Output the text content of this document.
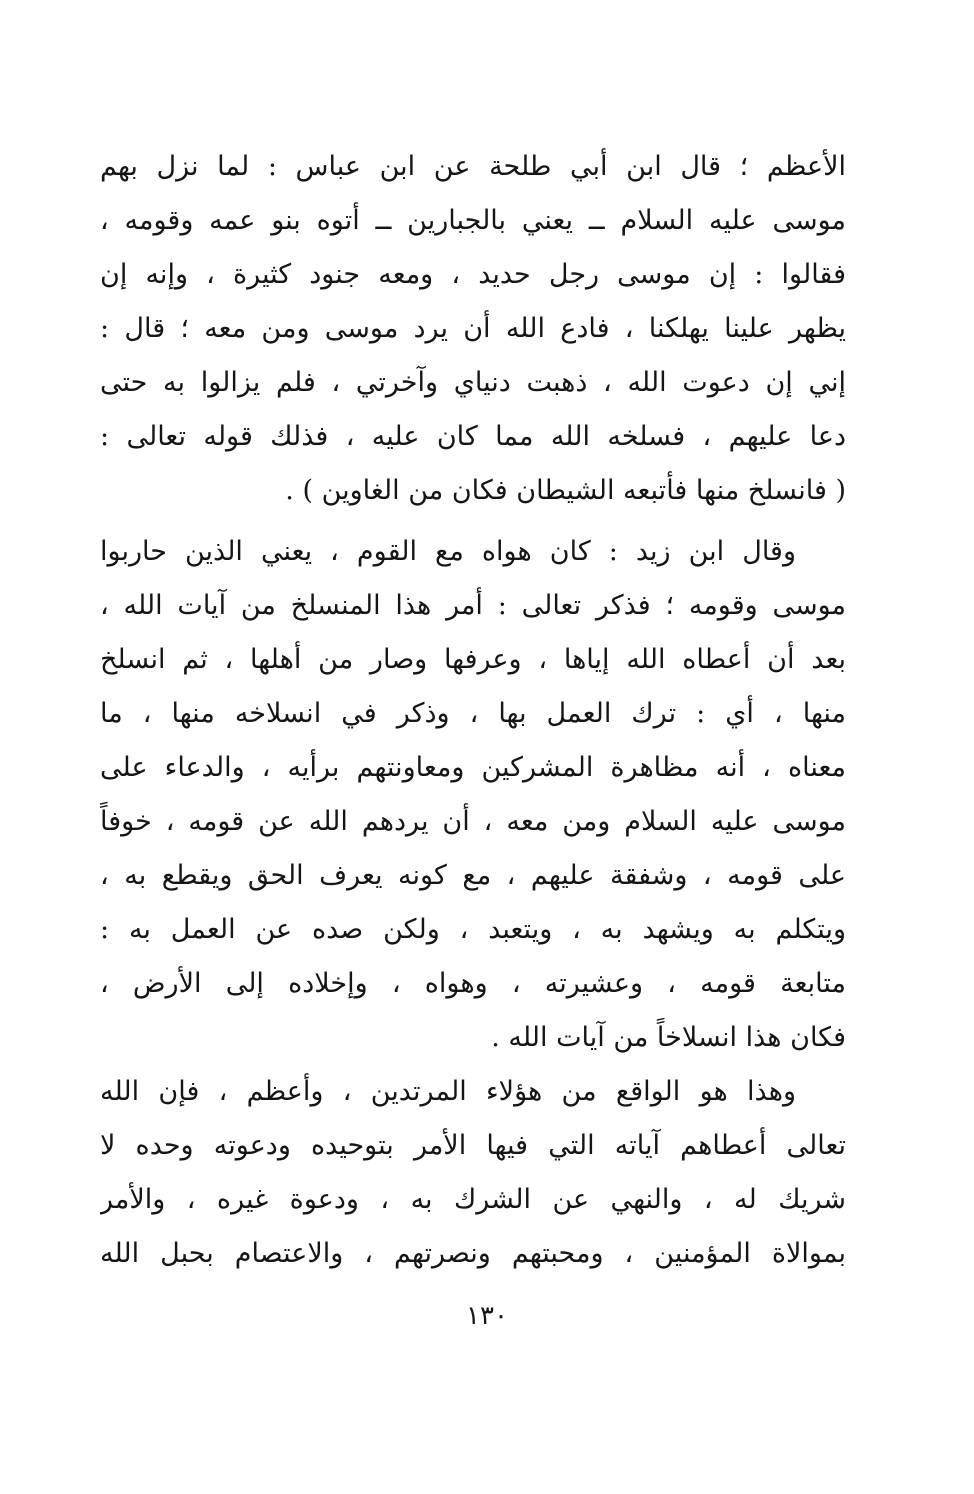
الأعظم ؛ قال ابن أبي طلحة عن ابن عباس : لما نزل بهم
موسى عليه السلام ــ يعني بالجبارين ــ أتوه بنو عمه وقومه ،
فقالوا : إن موسى رجل حديد ، ومعه جنود كثيرة ، وإنه إن
يظهر علينا يهلكنا ، فادع الله أن يرد موسى ومن معه ؛ قال :
إني إن دعوت الله ، ذهبت دنياي وآخرتي ، فلم يزالوا به حتى
دعا عليهم ، فسلخه الله مما كان عليه ، فذلك قوله تعالى :
( فانسلخ منها فأتبعه الشيطان فكان من الغاوين ) .
وقال ابن زيد : كان هواه مع القوم ، يعني الذين حاربوا
موسى وقومه ؛ فذكر تعالى : أمر هذا المنسلخ من آيات الله ،
بعد أن أعطاه الله إياها ، وعرفها وصار من أهلها ، ثم انسلخ
منها ، أي : ترك العمل بها ، وذكر في انسلاخه منها ، ما
معناه ، أنه مظاهرة المشركين ومعاونتهم برأيه ، والدعاء على
موسى عليه السلام ومن معه ، أن يردهم الله عن قومه ، خوفاً
على قومه ، وشفقة عليهم ، مع كونه يعرف الحق ويقطع به ،
ويتكلم به ويشهد به ، ويتعبد ، ولكن صده عن العمل به :
متابعة قومه ، وعشيرته ، وهواه ، وإخلاده إلى الأرض ،
فكان هذا انسلاخاً من آيات الله .
وهذا هو الواقع من هؤلاء المرتدين ، وأعظم ، فإن الله
تعالى أعطاهم آياته التي فيها الأمر بتوحيده ودعوته وحده لا
شريك له ، والنهي عن الشرك به ، ودعوة غيره ، والأمر
بموالاة المؤمنين ، ومحبتهم ونصرتهم ، والاعتصام بحبل الله
١٣٠
